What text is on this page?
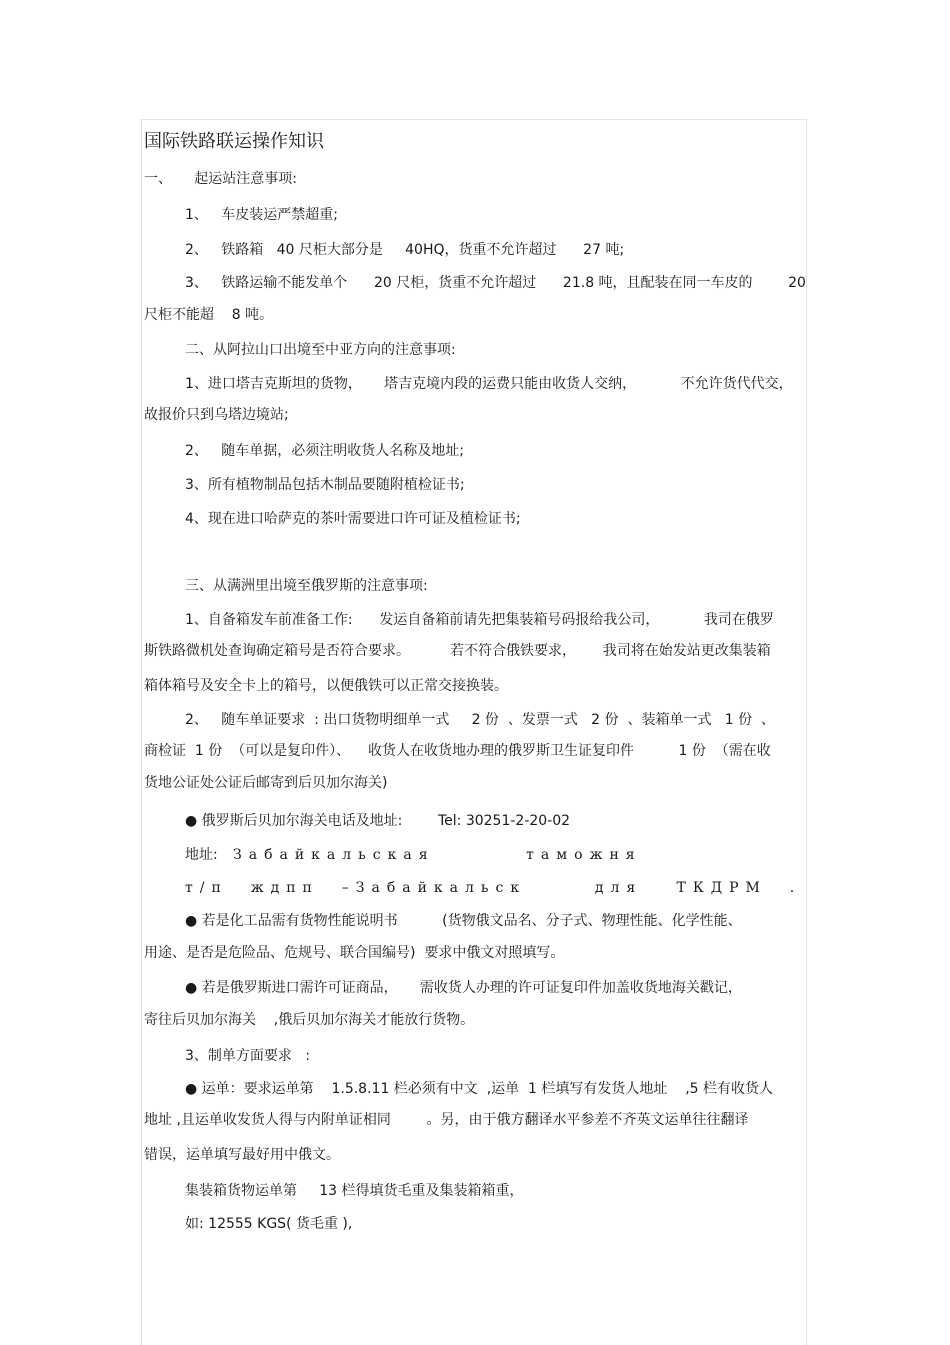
国际铁路联运操作知识
一、     起运站注意事项:
1、   车皮装运严禁超重;
2、   铁路箱   40 尺柜大部分是     40HQ，货重不允许超过      27 吨;
3、   铁路运输不能发单个      20 尺柜，货重不允许超过      21.8 吨，且配装在同一车皮的        20
尺柜不能超    8 吨。
二、从阿拉山口出境至中亚方向的注意事项:
1、进口塔吉克斯坦的货物，     塔吉克境内段的运费只能由收货人交纳，          不允许货代代交，
故报价只到乌塔边境站;
2、   随车单据，必须注明收货人名称及地址;
3、所有植物制品包括木制品要随附植检证书;
4、现在进口哈萨克的茶叶需要进口许可证及植检证书;
三、从满洲里出境至俄罗斯的注意事项:
1、自备箱发车前准备工作:      发运自备箱前请先把集装箱号码报给我公司，          我司在俄罗
斯铁路微机处查询确定箱号是否符合要求。         若不符合俄铁要求，      我司将在始发站更改集装箱
箱体箱号及安全卡上的箱号，以便俄铁可以正常交接换装。
2、   随车单证要求  : 出口货物明细单一式     2 份  、发票一式   2 份  、装箱单一式   1 份  、
商检证  1 份  （可以是复印件）、    收货人在收货地办理的俄罗斯卫生证复印件          1 份  （需在收
货地公证处公证后邮寄到后贝加尔海关)
● 俄罗斯后贝加尔海关电话及地址:        Tel: 30251-2-20-02
地址: Забайкальская        таможня
т/п  ждпп  –Забайкальск      для   ТКДРМ  .
● 若是化工品需有货物性能说明书          (货物俄文品名、分子式、物理性能、化学性能、
用途、是否是危险品、危规号、联合国编号)  要求中俄文对照填写。
● 若是俄罗斯进口需许可证商品，     需收货人办理的许可证复印件加盖收货地海关戳记，
寄往后贝加尔海关    ,俄后贝加尔海关才能放行货物。
3、制单方面要求   :
● 运单：要求运单第    1.5.8.11 栏必须有中文  ,运单  1 栏填写有发货人地址    ,5 栏有收货人
地址 ,且运单收发货人得与内附单证相同        。另，由于俄方翻译水平参差不齐英文运单往往翻译
错误，运单填写最好用中俄文。
集装箱货物运单第     13 栏得填货毛重及集装箱箱重，
如: 12555 KGS( 货毛重 ),
